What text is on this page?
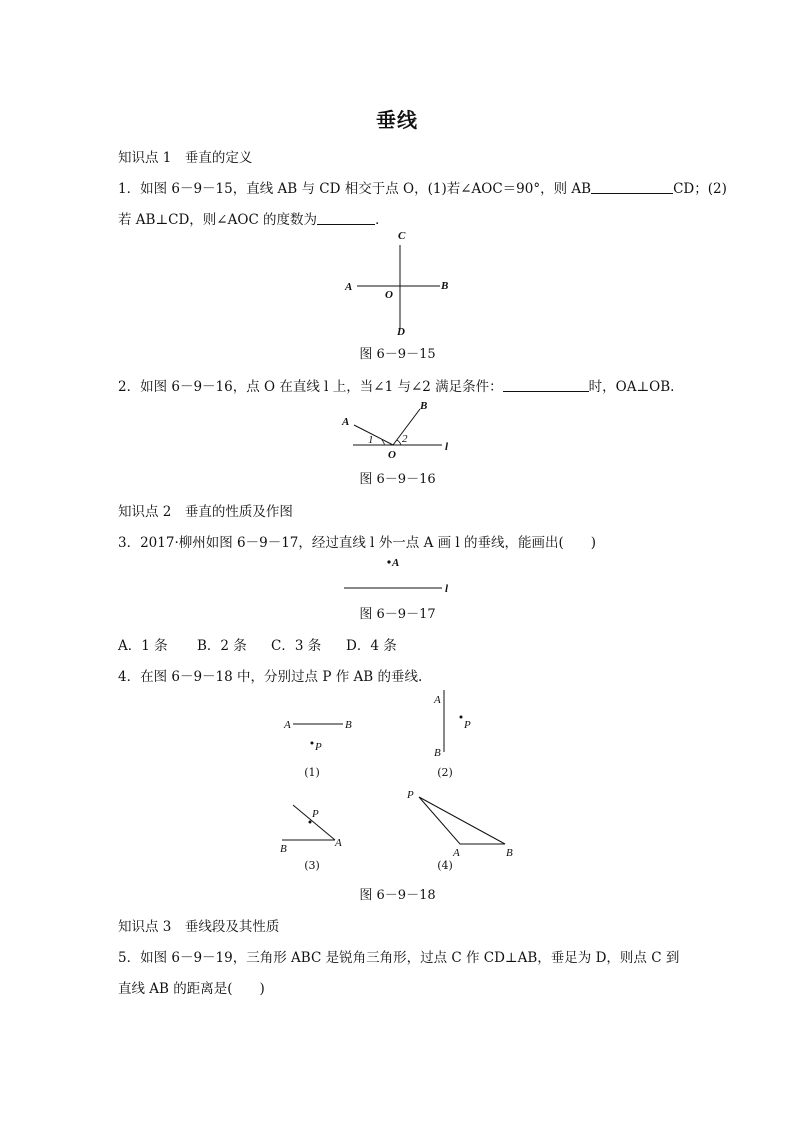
垂线
知识点 1　垂直的定义
1．如图 6－9－15，直线 AB 与 CD 相交于点 O，(1)若∠AOC＝90°，则 AB	CD；(2)
若 AB⊥CD，则∠AOC 的度数为	．
C
A	B
O
D
图 6－9－15
2．如图 6－9－16，点 O 在直线 l 上，当∠1 与∠2 满足条件：	时，OA⊥OB.
A
B
1	2
O
l
图 6－9－16
知识点 2　垂直的性质及作图
3．2017·柳州如图 6－9－17，经过直线 l 外一点 A 画 l 的垂线，能画出(　　)
A
l
图 6－9－17
A．1 条 B．2 条 C．3 条 D．4 条
4．在图 6－9－18 中，分别过点 P 作 AB 的垂线.
A	B
P
(1)
A
B
P
(2)
P
A
B
(3)
P
A	B
(4)
图 6－9－18
知识点 3　垂线段及其性质
5．如图 6－9－19，三角形 ABC 是锐角三角形，过点 C 作 CD⊥AB，垂足为 D，则点 C 到
直线 AB 的距离是(　　)
